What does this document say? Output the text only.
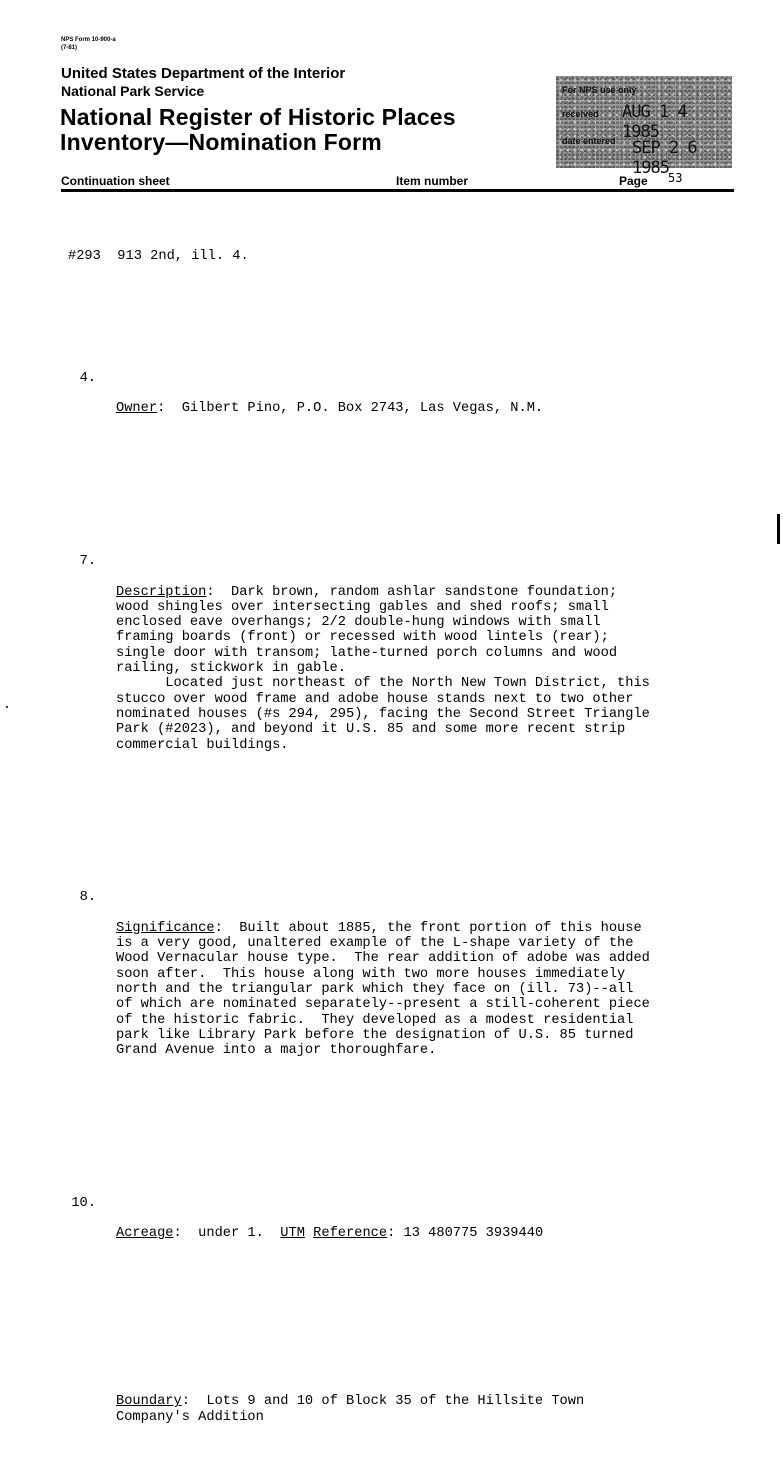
NPS Form 10-900-a
(7-81)
United States Department of the Interior
National Park Service
National Register of Historic Places
Inventory—Nomination Form
For NPS use only
received AUG 1 4 1985
date entered SEP 2 6 1985
Continuation sheet	Item number	Page 53

#293  913 2nd, ill. 4.

4.

Owner:  Gilbert Pino, P.O. Box 2743, Las Vegas, N.M.

7.

Description:  Dark brown, random ashlar sandstone foundation;
wood shingles over intersecting gables and shed roofs; small
enclosed eave overhangs; 2/2 double-hung windows with small
framing boards (front) or recessed with wood lintels (rear);
single door with transom; lathe-turned porch columns and wood
railing, stickwork in gable.
Located just northeast of the North New Town District, this
stucco over wood frame and adobe house stands next to two other
nominated houses (#s 294, 295), facing the Second Street Triangle
Park (#2023), and beyond it U.S. 85 and some more recent strip
commercial buildings.

8.

Significance:  Built about 1885, the front portion of this house
is a very good, unaltered example of the L-shape variety of the
Wood Vernacular house type.  The rear addition of adobe was added
soon after.  This house along with two more houses immediately
north and the triangular park which they face on (ill. 73)--all
of which are nominated separately--present a still-coherent piece
of the historic fabric.  They developed as a modest residential
park like Library Park before the designation of U.S. 85 turned
Grand Avenue into a major thoroughfare.

10.

Acreage:  under 1.  UTM Reference: 13 480775 3939440

Boundary:  Lots 9 and 10 of Block 35 of the Hillsite Town
Company's Addition
